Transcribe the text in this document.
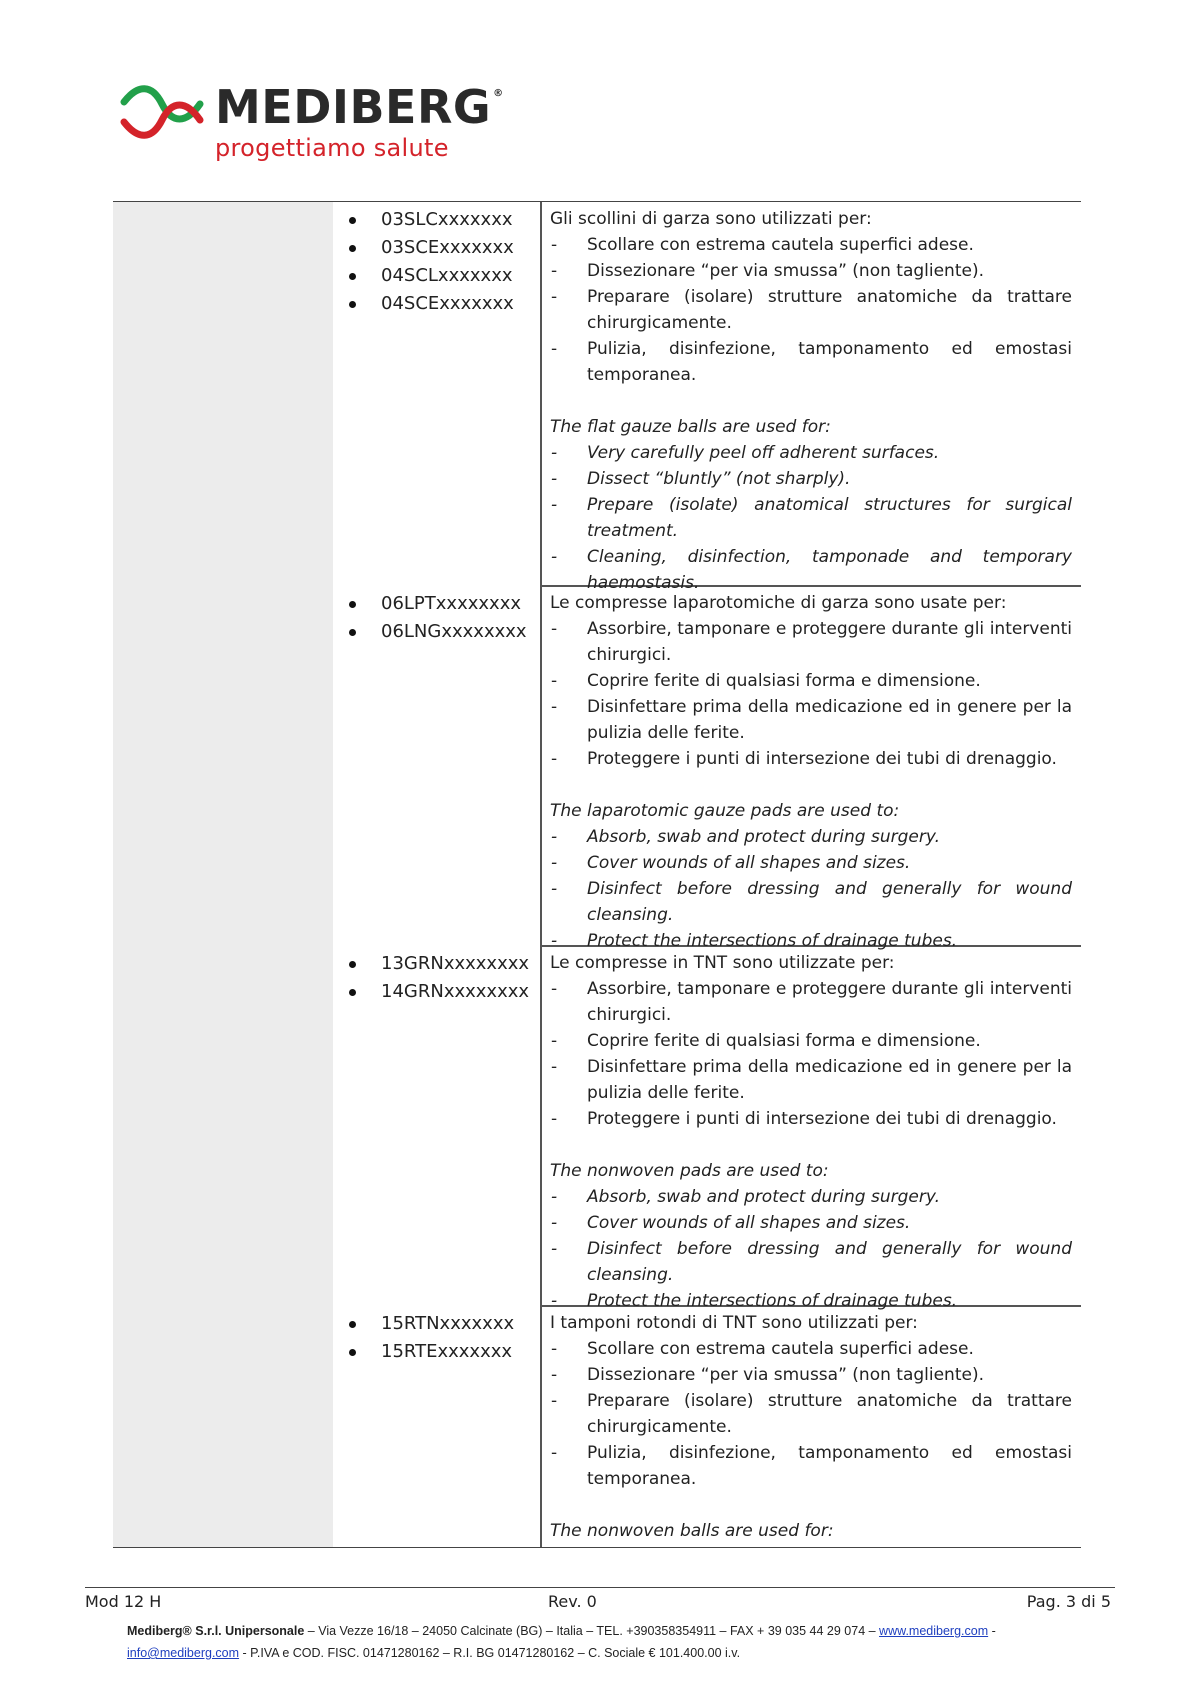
MEDIBERG ®
progettiamo salute
03SLCxxxxxxx
03SCExxxxxxx
04SCLxxxxxxx
04SCExxxxxxx

Gli scollini di garza sono utilizzati per:

- Scollare con estrema cautela superfici adese.
- Dissezionare “per via smussa” (non tagliente).
- Preparare (isolare) strutture anatomiche da trattare chirurgicamente.
- Pulizia, disinfezione, tamponamento ed emostasi temporanea.

The flat gauze balls are used for:

- Very carefully peel off adherent surfaces.
- Dissect “bluntly” (not sharply).
- Prepare (isolate) anatomical structures for surgical treatment.
- Cleaning, disinfection, tamponade and temporary haemostasis.
06LPTxxxxxxxx
06LNGxxxxxxxx

Le compresse laparotomiche di garza sono usate per:

- Assorbire, tamponare e proteggere durante gli interventi chirurgici.
- Coprire ferite di qualsiasi forma e dimensione.
- Disinfettare prima della medicazione ed in genere per la pulizia delle ferite.
- Proteggere i punti di intersezione dei tubi di drenaggio.

The laparotomic gauze pads are used to:

- Absorb, swab and protect during surgery.
- Cover wounds of all shapes and sizes.
- Disinfect before dressing and generally for wound cleansing.
- Protect the intersections of drainage tubes.
13GRNxxxxxxxx
14GRNxxxxxxxx

Le compresse in TNT sono utilizzate per:

- Assorbire, tamponare e proteggere durante gli interventi chirurgici.
- Coprire ferite di qualsiasi forma e dimensione.
- Disinfettare prima della medicazione ed in genere per la pulizia delle ferite.
- Proteggere i punti di intersezione dei tubi di drenaggio.

The nonwoven pads are used to:

- Absorb, swab and protect during surgery.
- Cover wounds of all shapes and sizes.
- Disinfect before dressing and generally for wound cleansing.
- Protect the intersections of drainage tubes.
15RTNxxxxxxx
15RTExxxxxxx

I tamponi rotondi di TNT sono utilizzati per:

- Scollare con estrema cautela superfici adese.
- Dissezionare “per via smussa” (non tagliente).
- Preparare (isolare) strutture anatomiche da trattare chirurgicamente.
- Pulizia, disinfezione, tamponamento ed emostasi temporanea.

The nonwoven balls are used for:

Mod 12 H	Rev. 0	Pag. 3 di 5
Mediberg® S.r.l. Unipersonale – Via Vezze 16/18 – 24050 Calcinate (BG) – Italia – TEL. +390358354911 – FAX + 39 035 44 29 074 – www.mediberg.com -
info@mediberg.com - P.IVA e COD. FISC. 01471280162 – R.I. BG 01471280162 – C. Sociale € 101.400.00 i.v.
